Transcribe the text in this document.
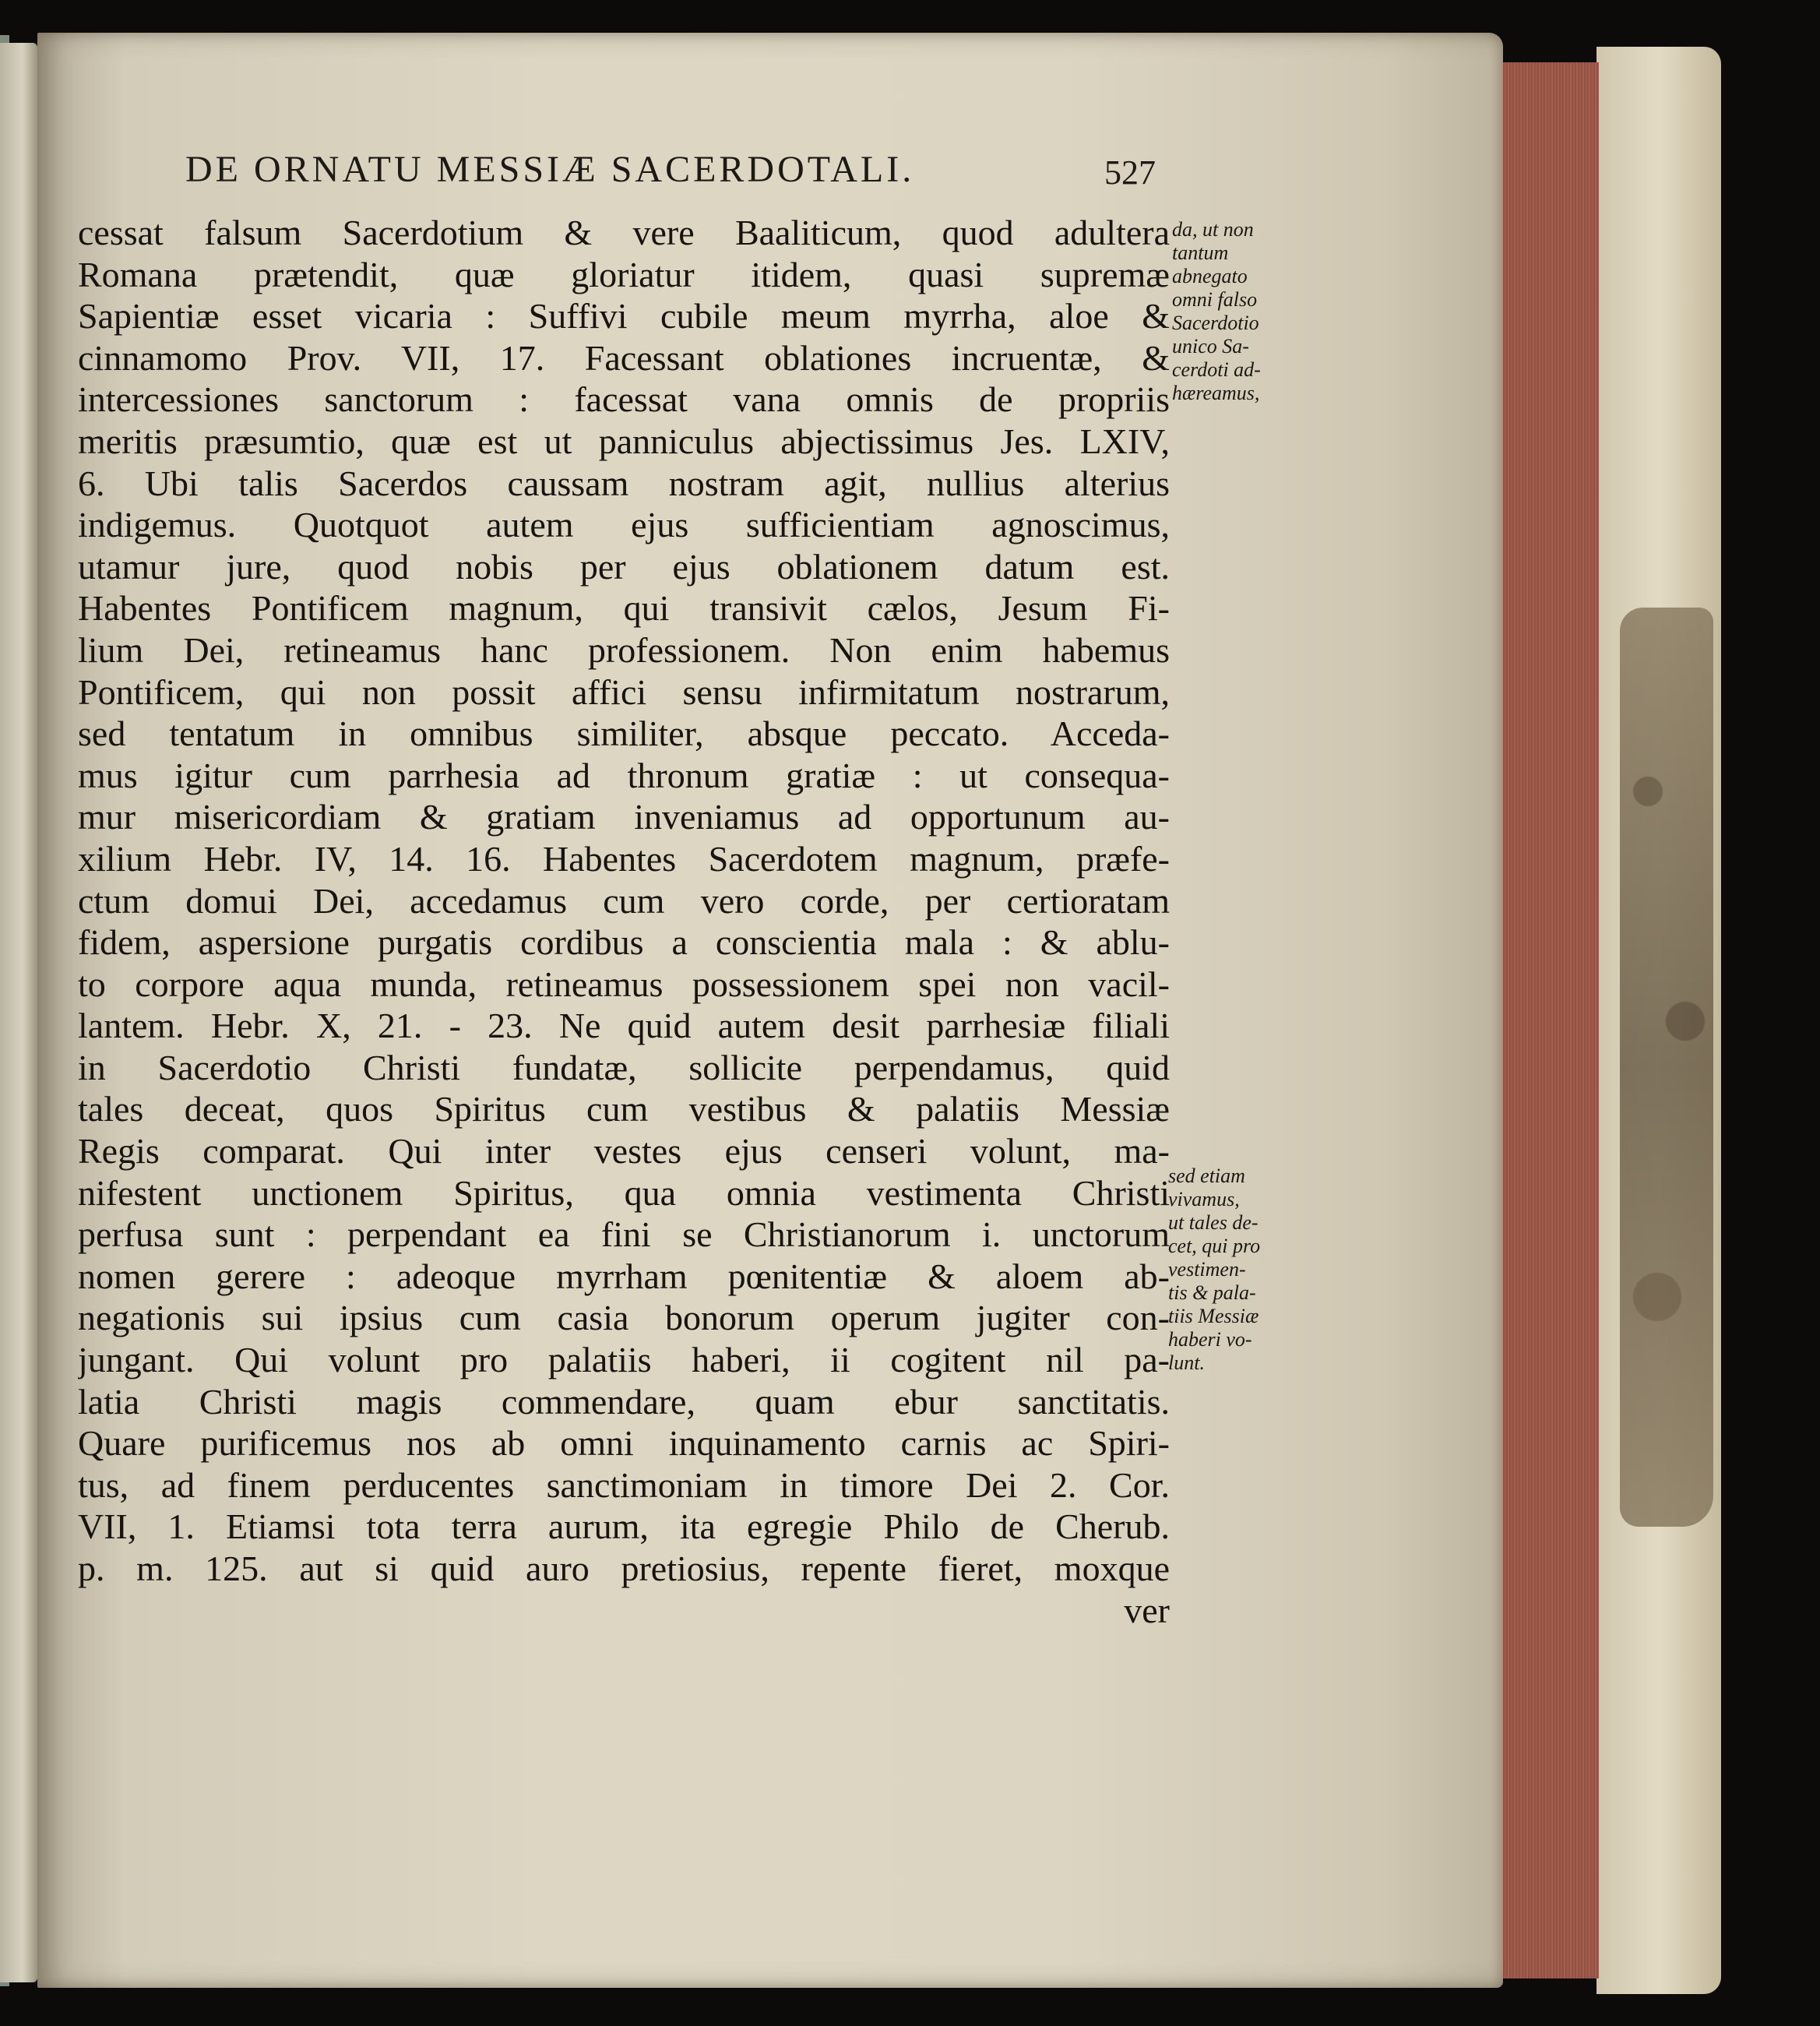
DE ORNATU MESSIÆ SACERDOTALI.	527
cessat falsum Sacerdotium & vere Baaliticum, quod adultera
Romana prætendit, quæ gloriatur itidem, quasi supremæ
Sapientiæ esset vicaria : Suffivi cubile meum myrrha, aloe &
cinnamomo Prov. VII, 17. Facessant oblationes incruentæ, &
intercessiones sanctorum : facessat vana omnis de propriis
meritis præsumtio, quæ est ut panniculus abjectissimus Jes. LXIV,
6. Ubi talis Sacerdos caussam nostram agit, nullius alterius
indigemus. Quotquot autem ejus sufficientiam agnoscimus,
utamur jure, quod nobis per ejus oblationem datum est.
Habentes Pontificem magnum, qui transivit cælos, Jesum Fi-
lium Dei, retineamus hanc professionem. Non enim habemus
Pontificem, qui non possit affici sensu infirmitatum nostrarum,
sed tentatum in omnibus similiter, absque peccato. Acceda-
mus igitur cum parrhesia ad thronum gratiæ : ut consequa-
mur misericordiam & gratiam inveniamus ad opportunum au-
xilium Hebr. IV, 14. 16. Habentes Sacerdotem magnum, præfe-
ctum domui Dei, accedamus cum vero corde, per certioratam
fidem, aspersione purgatis cordibus a conscientia mala : & ablu-
to corpore aqua munda, retineamus possessionem spei non vacil-
lantem. Hebr. X, 21. - 23. Ne quid autem desit parrhesiæ filiali
in Sacerdotio Christi fundatæ, sollicite perpendamus, quid
tales deceat, quos Spiritus cum vestibus & palatiis Messiæ
Regis comparat. Qui inter vestes ejus censeri volunt, ma-
nifestent unctionem Spiritus, qua omnia vestimenta Christi
perfusa sunt : perpendant ea fini se Christianorum i. unctorum
nomen gerere : adeoque myrrham pœnitentiæ & aloem ab-
negationis sui ipsius cum casia bonorum operum jugiter con-
jungant. Qui volunt pro palatiis haberi, ii cogitent nil pa-
latia Christi magis commendare, quam ebur sanctitatis.
Quare purificemus nos ab omni inquinamento carnis ac Spiri-
tus, ad finem perducentes sanctimoniam in timore Dei 2. Cor.
VII, 1. Etiamsi tota terra aurum, ita egregie Philo de Cherub.
p. m. 125. aut si quid auro pretiosius, repente fieret, moxque
ver
da, ut non
tantum
abnegato
omni falso
Sacerdotio
unico Sa-
cerdoti ad-
hæreamus,
sed etiam
vivamus,
ut tales de-
cet, qui pro
vestimen-
tis & pala-
tiis Messiæ
haberi vo-
lunt.
